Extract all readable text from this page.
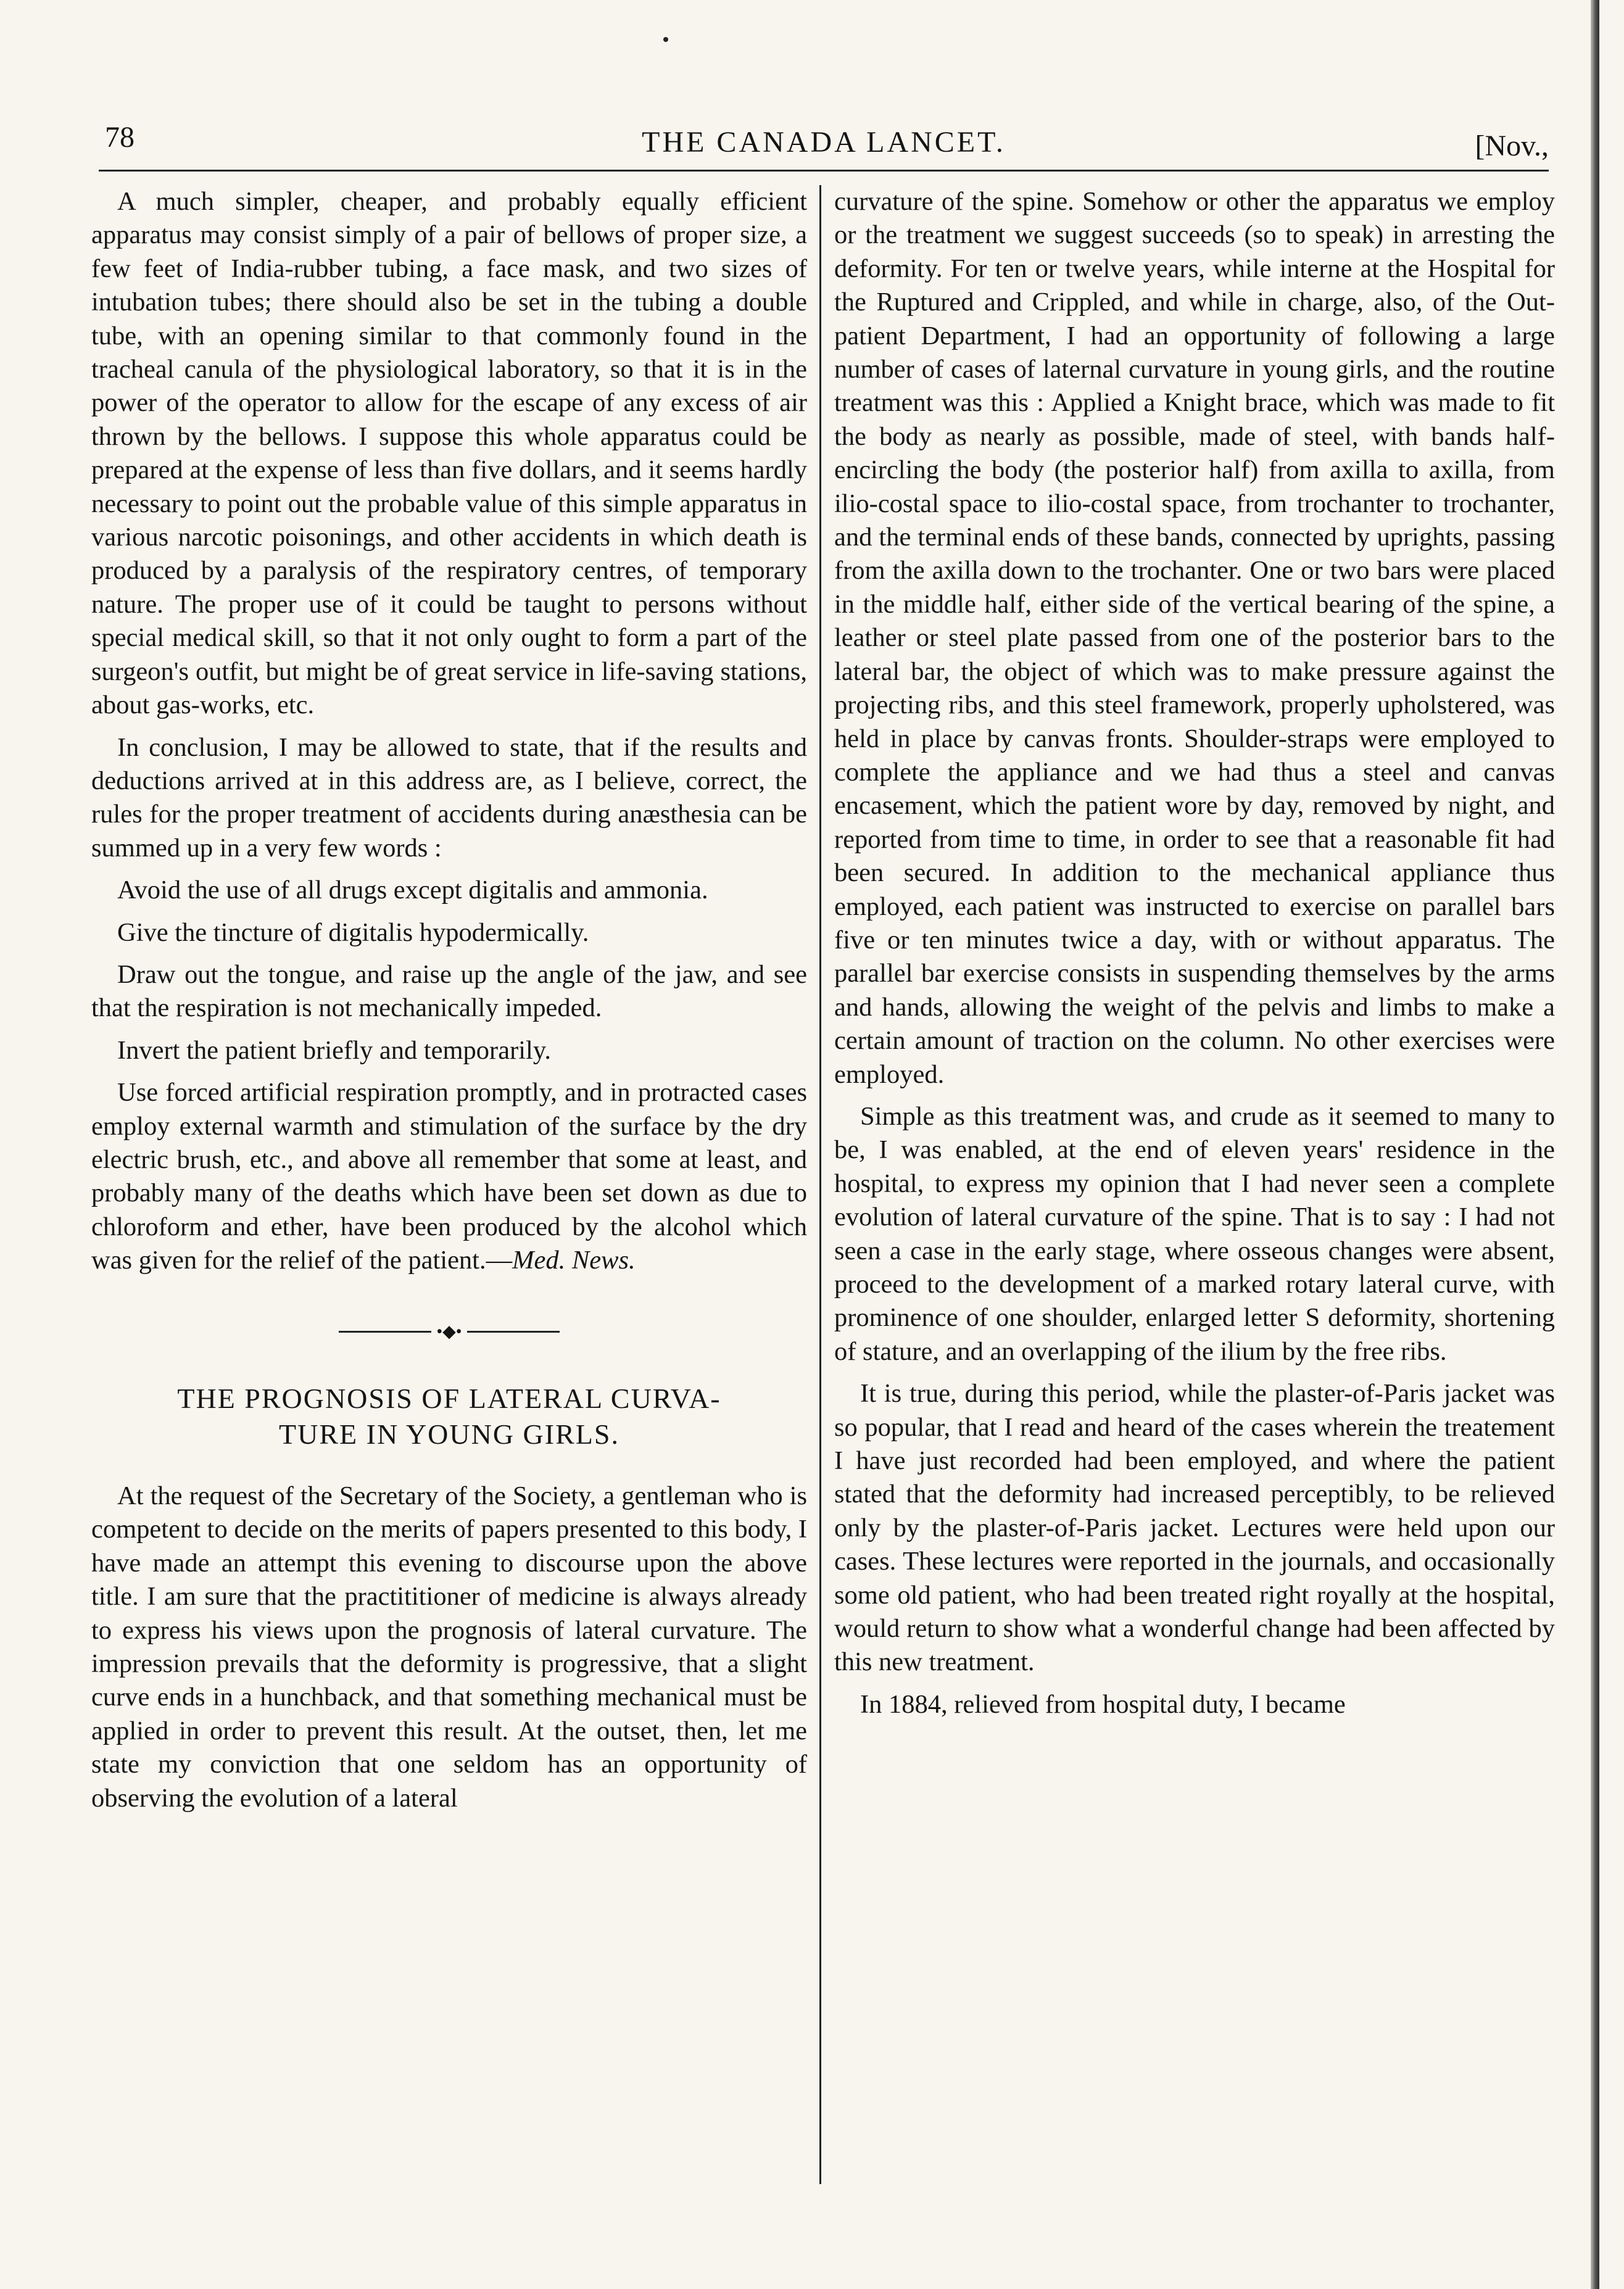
78	THE CANADA LANCET.	[Nov.,

A much simpler, cheaper, and probably equally efficient apparatus may consist simply of a pair of bellows of proper size, a few feet of India-rubber tubing, a face mask, and two sizes of intubation tubes; there should also be set in the tubing a double tube, with an opening similar to that commonly found in the tracheal canula of the physiological laboratory, so that it is in the power of the operator to allow for the escape of any excess of air thrown by the bellows. I suppose this whole apparatus could be prepared at the expense of less than five dollars, and it seems hardly necessary to point out the probable value of this simple apparatus in various narcotic poisonings, and other accidents in which death is produced by a paralysis of the respiratory centres, of temporary nature. The proper use of it could be taught to persons without special medical skill, so that it not only ought to form a part of the surgeon's outfit, but might be of great service in life-saving stations, about gas-works, etc.

In conclusion, I may be allowed to state, that if the results and deductions arrived at in this address are, as I believe, correct, the rules for the proper treatment of accidents during anæsthesia can be summed up in a very few words :

Avoid the use of all drugs except digitalis and ammonia.

Give the tincture of digitalis hypodermically.

Draw out the tongue, and raise up the angle of the jaw, and see that the respiration is not mechanically impeded.

Invert the patient briefly and temporarily.

Use forced artificial respiration promptly, and in protracted cases employ external warmth and stimulation of the surface by the dry electric brush, etc., and above all remember that some at least, and probably many of the deaths which have been set down as due to chloroform and ether, have been produced by the alcohol which was given for the relief of the patient.—Med. News.

•◆•

THE PROGNOSIS OF LATERAL CURVA-
TURE IN YOUNG GIRLS.

At the request of the Secretary of the Society, a gentleman who is competent to decide on the merits of papers presented to this body, I have made an attempt this evening to discourse upon the above title. I am sure that the practititioner of medicine is always already to express his views upon the prognosis of lateral curvature. The impression prevails that the deformity is progressive, that a slight curve ends in a hunchback, and that something mechanical must be applied in order to prevent this result. At the outset, then, let me state my conviction that one seldom has an opportunity of observing the evolution of a lateral

curvature of the spine. Somehow or other the apparatus we employ or the treatment we suggest succeeds (so to speak) in arresting the deformity. For ten or twelve years, while interne at the Hospital for the Ruptured and Crippled, and while in charge, also, of the Out-patient Department, I had an opportunity of following a large number of cases of laternal curvature in young girls, and the routine treatment was this : Applied a Knight brace, which was made to fit the body as nearly as possible, made of steel, with bands half-encircling the body (the posterior half) from axilla to axilla, from ilio-costal space to ilio-costal space, from trochanter to trochanter, and the terminal ends of these bands, connected by uprights, passing from the axilla down to the trochanter. One or two bars were placed in the middle half, either side of the vertical bearing of the spine, a leather or steel plate passed from one of the posterior bars to the lateral bar, the object of which was to make pressure against the projecting ribs, and this steel framework, properly upholstered, was held in place by canvas fronts. Shoulder-straps were employed to complete the appliance and we had thus a steel and canvas encasement, which the patient wore by day, removed by night, and reported from time to time, in order to see that a reasonable fit had been secured. In addition to the mechanical appliance thus employed, each patient was instructed to exercise on parallel bars five or ten minutes twice a day, with or without apparatus. The parallel bar exercise consists in suspending themselves by the arms and hands, allowing the weight of the pelvis and limbs to make a certain amount of traction on the column. No other exercises were employed.

Simple as this treatment was, and crude as it seemed to many to be, I was enabled, at the end of eleven years' residence in the hospital, to express my opinion that I had never seen a complete evolution of lateral curvature of the spine. That is to say : I had not seen a case in the early stage, where osseous changes were absent, proceed to the development of a marked rotary lateral curve, with prominence of one shoulder, enlarged letter S deformity, shortening of stature, and an overlapping of the ilium by the free ribs.

It is true, during this period, while the plaster-of-Paris jacket was so popular, that I read and heard of the cases wherein the treatement I have just recorded had been employed, and where the patient stated that the deformity had increased perceptibly, to be relieved only by the plaster-of-Paris jacket. Lectures were held upon our cases. These lectures were reported in the journals, and occasionally some old patient, who had been treated right royally at the hospital, would return to show what a wonderful change had been affected by this new treatment.

In 1884, relieved from hospital duty, I became
